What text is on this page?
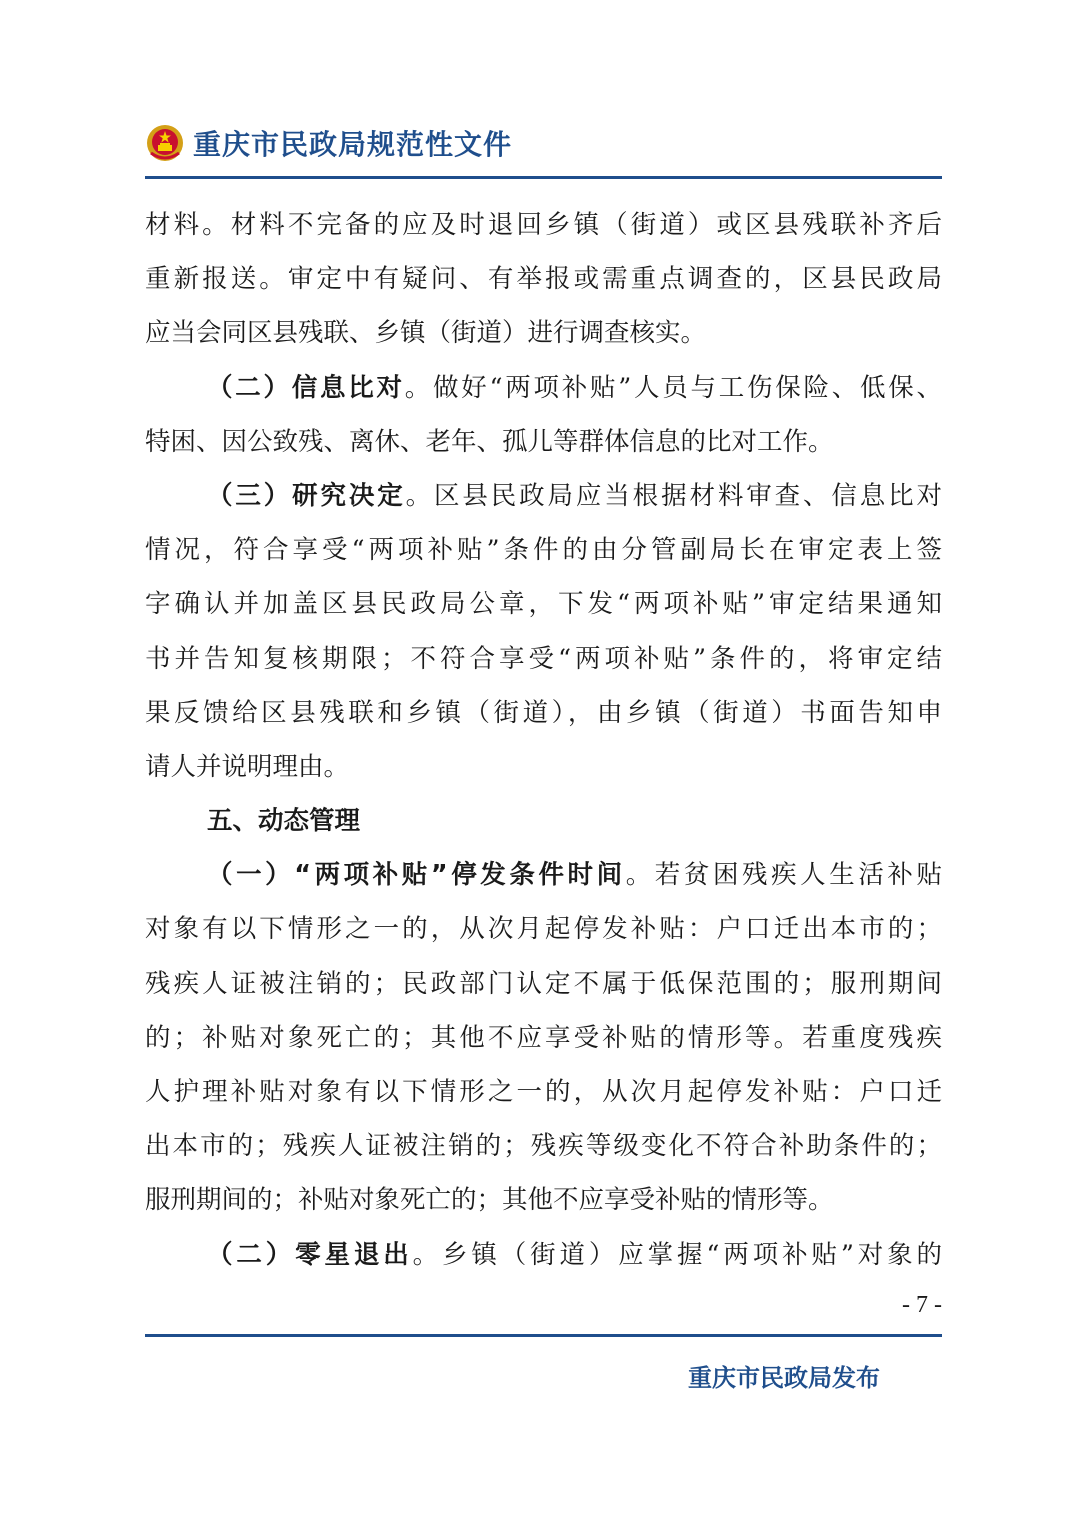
重庆市民政局规范性文件
材料。材料不完备的应及时退回乡镇（街道）或区县残联补齐后
重新报送。审定中有疑问、有举报或需重点调查的，区县民政局
应当会同区县残联、乡镇（街道）进行调查核实。
（二）信息比对。做好“两项补贴”人员与工伤保险、低保、
特困、因公致残、离休、老年、孤儿等群体信息的比对工作。
（三）研究决定。区县民政局应当根据材料审查、信息比对
情况，符合享受“两项补贴”条件的由分管副局长在审定表上签
字确认并加盖区县民政局公章，下发“两项补贴”审定结果通知
书并告知复核期限；不符合享受“两项补贴”条件的，将审定结
果反馈给区县残联和乡镇（街道），由乡镇（街道）书面告知申
请人并说明理由。
五、动态管理
（一）“两项补贴”停发条件时间。若贫困残疾人生活补贴
对象有以下情形之一的，从次月起停发补贴：户口迁出本市的；
残疾人证被注销的；民政部门认定不属于低保范围的；服刑期间
的；补贴对象死亡的；其他不应享受补贴的情形等。若重度残疾
人护理补贴对象有以下情形之一的，从次月起停发补贴：户口迁
出本市的；残疾人证被注销的；残疾等级变化不符合补助条件的；
服刑期间的；补贴对象死亡的；其他不应享受补贴的情形等。
（二）零星退出。乡镇（街道）应掌握“两项补贴”对象的
- 7 -
重庆市民政局发布
